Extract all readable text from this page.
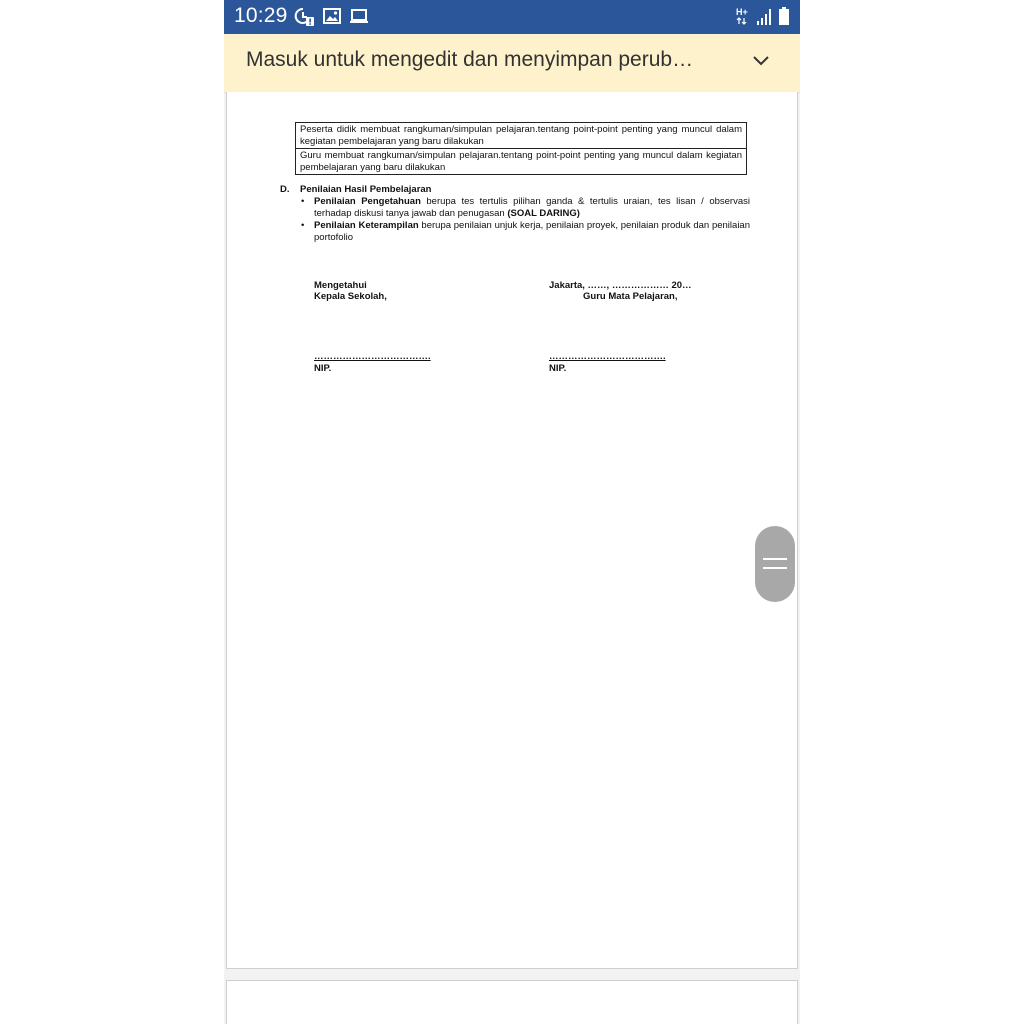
10:29	H+
Masuk untuk mengedit dan menyimpan perub…
Peserta didik membuat rangkuman/simpulan pelajaran.tentang point-point penting yang muncul dalam kegiatan pembelajaran yang baru dilakukan
Guru membuat rangkuman/simpulan pelajaran.tentang point-point penting yang muncul dalam kegiatan pembelajaran yang baru dilakukan
D. Penilaian Hasil Pembelajaran
• Penilaian Pengetahuan berupa tes tertulis pilihan ganda & tertulis uraian, tes lisan / observasi terhadap diskusi tanya jawab dan penugasan (SOAL DARING)
• Penilaian Keterampilan berupa penilaian unjuk kerja, penilaian proyek, penilaian produk dan penilaian portofolio
Mengetahui
Kepala Sekolah,
Jakarta, ……, ……………… 20…
Guru Mata Pelajaran,
……………………………….	……………………………….
NIP.	NIP.
